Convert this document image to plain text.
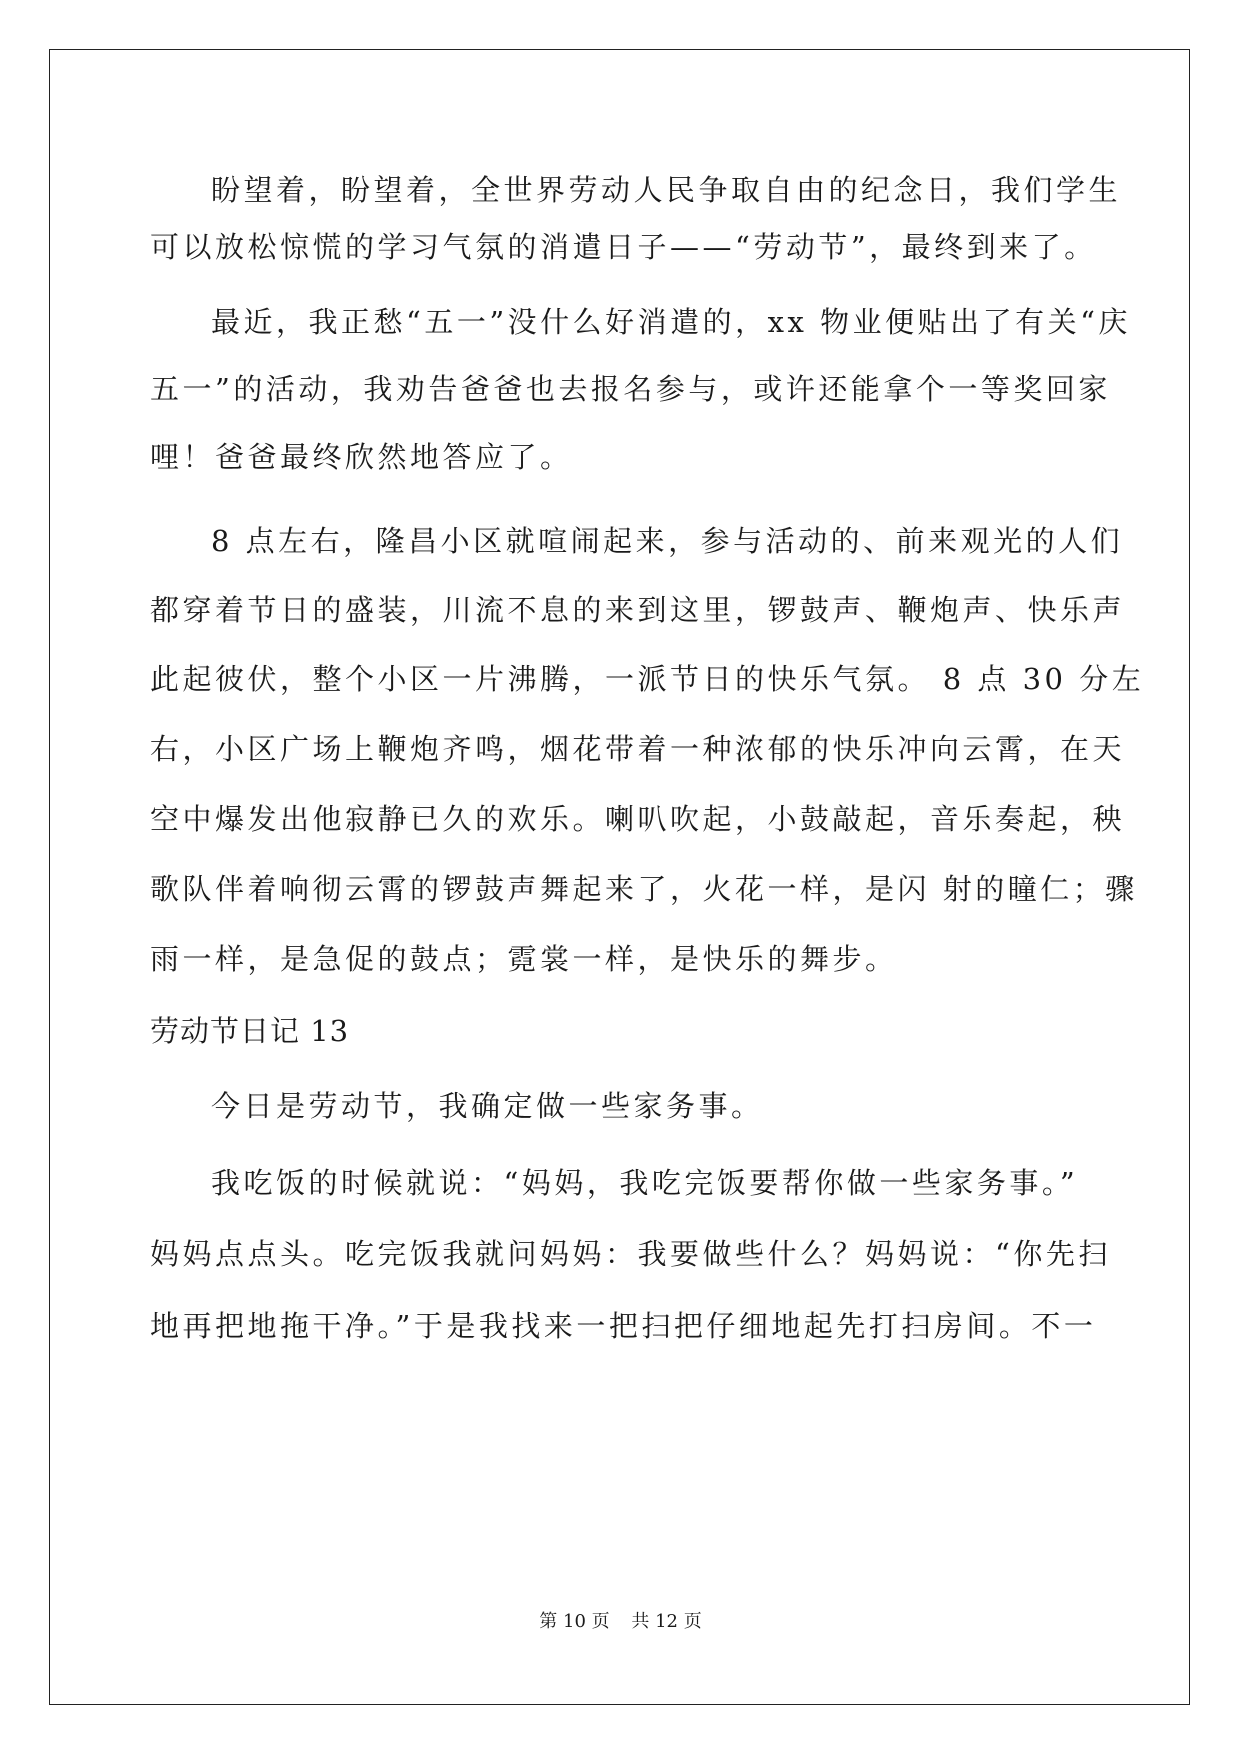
盼望着，盼望着，全世界劳动人民争取自由的纪念日，我们学生
可以放松惊慌的学习气氛的消遣日子——“劳动节”，最终到来了。
最近，我正愁“五一”没什么好消遣的，xx 物业便贴出了有关“庆
五一”的活动，我劝告爸爸也去报名参与，或许还能拿个一等奖回家
哩！爸爸最终欣然地答应了。
8 点左右，隆昌小区就喧闹起来，参与活动的、前来观光的人们
都穿着节日的盛装，川流不息的来到这里，锣鼓声、鞭炮声、快乐声
此起彼伏，整个小区一片沸腾，一派节日的快乐气氛。 8 点 30 分左
右，小区广场上鞭炮齐鸣，烟花带着一种浓郁的快乐冲向云霄，在天
空中爆发出他寂静已久的欢乐。喇叭吹起，小鼓敲起，音乐奏起，秧
歌队伴着响彻云霄的锣鼓声舞起来了，火花一样，是闪 射的瞳仁；骤
雨一样，是急促的鼓点；霓裳一样，是快乐的舞步。
劳动节日记 13
今日是劳动节，我确定做一些家务事。
我吃饭的时候就说：“妈妈，我吃完饭要帮你做一些家务事。”
妈妈点点头。吃完饭我就问妈妈：我要做些什么？妈妈说：“你先扫
地再把地拖干净。”于是我找来一把扫把仔细地起先打扫房间。不一
第 10 页 共 12 页
